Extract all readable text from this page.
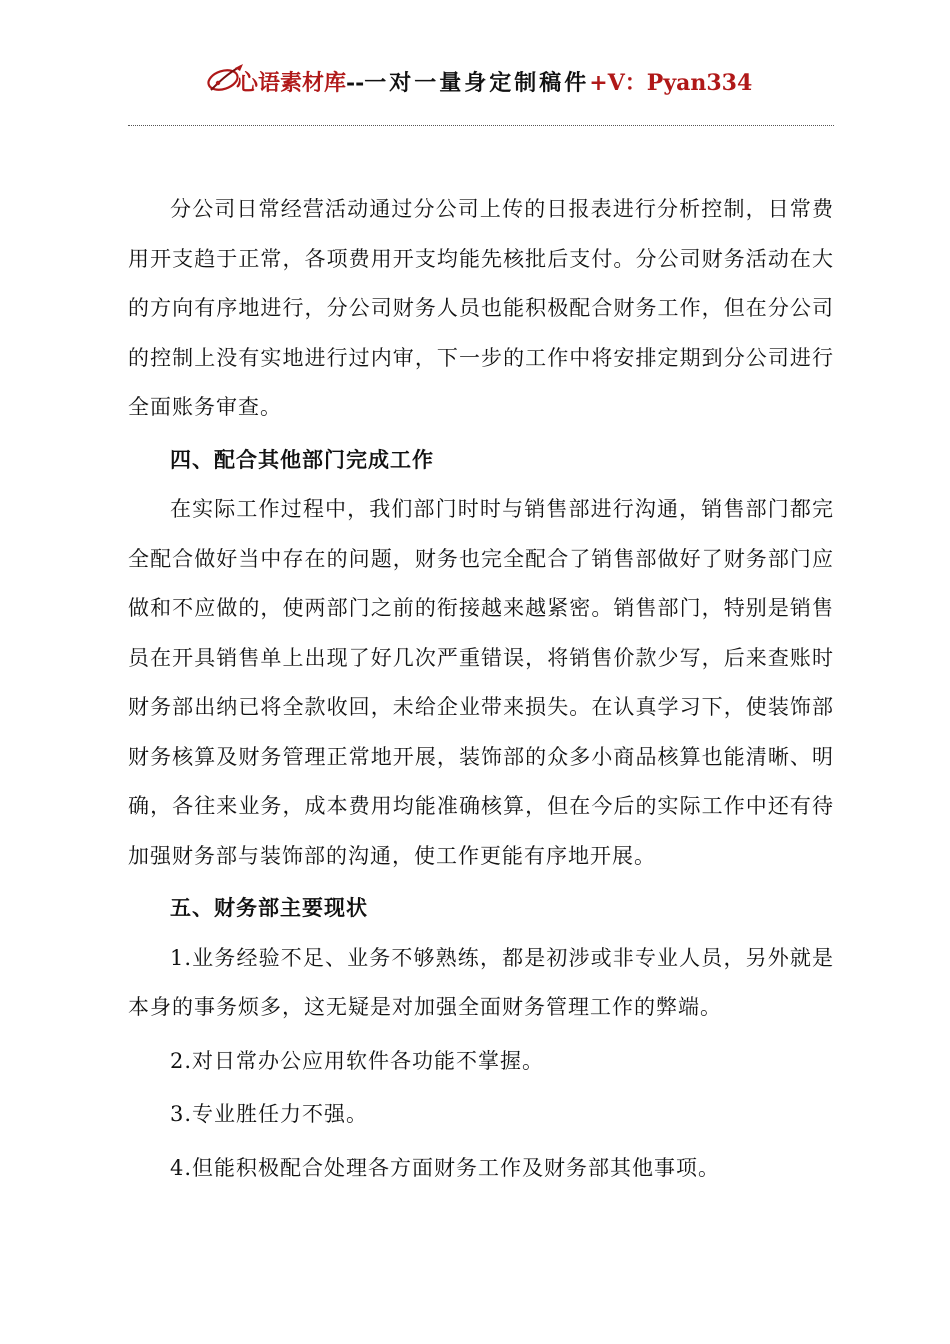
心语素材库--一对一量身定制稿件+V：Pyan334

分公司日常经营活动通过分公司上传的日报表进行分析控制，日常费用开支趋于正常，各项费用开支均能先核批后支付。分公司财务活动在大的方向有序地进行，分公司财务人员也能积极配合财务工作，但在分公司的控制上没有实地进行过内审，下一步的工作中将安排定期到分公司进行全面账务审查。

四、配合其他部门完成工作

在实际工作过程中，我们部门时时与销售部进行沟通，销售部门都完全配合做好当中存在的问题，财务也完全配合了销售部做好了财务部门应做和不应做的，使两部门之前的衔接越来越紧密。销售部门，特别是销售员在开具销售单上出现了好几次严重错误，将销售价款少写，后来查账时财务部出纳已将全款收回，未给企业带来损失。在认真学习下，使装饰部财务核算及财务管理正常地开展，装饰部的众多小商品核算也能清晰、明确，各往来业务，成本费用均能准确核算，但在今后的实际工作中还有待加强财务部与装饰部的沟通，使工作更能有序地开展。

五、财务部主要现状

1.业务经验不足、业务不够熟练，都是初涉或非专业人员，另外就是本身的事务烦多，这无疑是对加强全面财务管理工作的弊端。

2.对日常办公应用软件各功能不掌握。

3.专业胜任力不强。

4.但能积极配合处理各方面财务工作及财务部其他事项。
